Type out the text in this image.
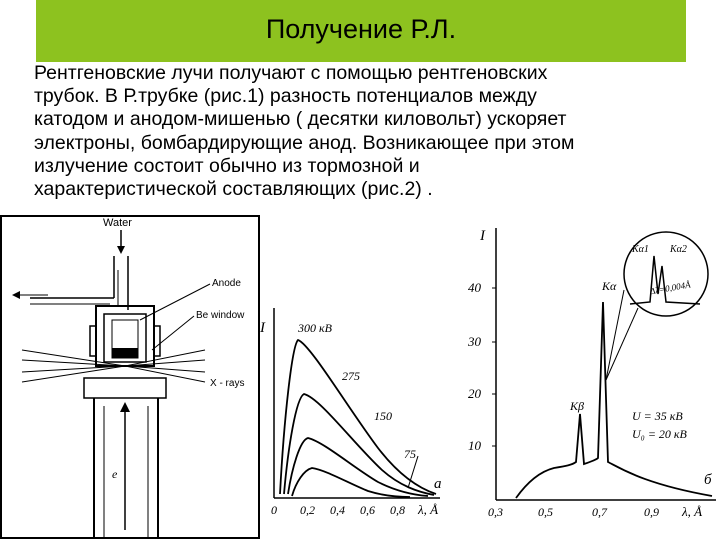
Получение Р.Л.

Рентгеновские лучи получают с помощью рентгеновских

трубок. В Р.трубке (рис.1) разность потенциалов между

катодом и анодом-мишенью ( десятки киловольт) ускоряет

электроны, бомбардирующие анод. Возникающее при этом

излучение состоит обычно из тормозной и

характеристической составляющих (рис.2) .

Water
Anode
Be window
X - rays
e
I	300 кВ
275
150
75
0 0,2 0,4 0,6 0,8 λ, Å
а
I
40
30
20
10
Kβ
Kα
Kα1 Kα2
Δλ=0,004Å
U = 35 кВ
U₀ = 20 кВ
0,3	0,5	0,7	0,9 λ, Å
б
